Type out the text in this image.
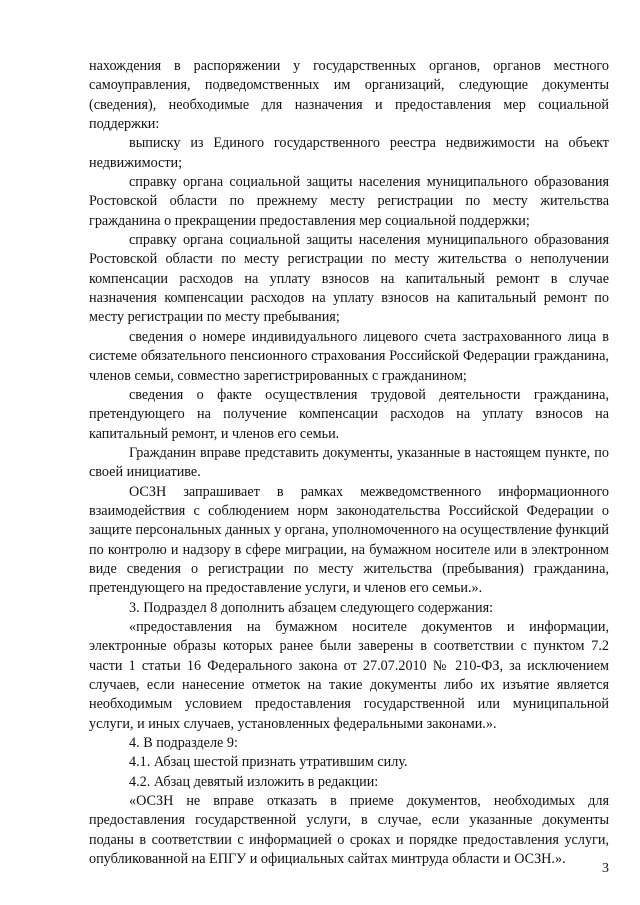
нахождения в распоряжении у государственных органов, органов местного самоуправления, подведомственных им организаций, следующие документы (сведения), необходимые для назначения и предоставления мер социальной поддержки:

выписку из Единого государственного реестра недвижимости на объект недвижимости;

справку органа социальной защиты населения муниципального образования Ростовской области по прежнему месту регистрации по месту жительства гражданина о прекращении предоставления мер социальной поддержки;

справку органа социальной защиты населения муниципального образования Ростовской области по месту регистрации по месту жительства о неполучении компенсации расходов на уплату взносов на капитальный ремонт в случае назначения компенсации расходов на уплату взносов на капитальный ремонт по месту регистрации по месту пребывания;

сведения о номере индивидуального лицевого счета застрахованного лица в системе обязательного пенсионного страхования Российской Федерации гражданина, членов семьи, совместно зарегистрированных с гражданином;

сведения о факте осуществления трудовой деятельности гражданина, претендующего на получение компенсации расходов на уплату взносов на капитальный ремонт, и членов его семьи.

Гражданин вправе представить документы, указанные в настоящем пункте, по своей инициативе.

ОСЗН запрашивает в рамках межведомственного информационного взаимодействия с соблюдением норм законодательства Российской Федерации о защите персональных данных у органа, уполномоченного на осуществление функций по контролю и надзору в сфере миграции, на бумажном носителе или в электронном виде сведения о регистрации по месту жительства (пребывания) гражданина, претендующего на предоставление услуги, и членов его семьи.».

3. Подраздел 8 дополнить абзацем следующего содержания:

«предоставления на бумажном носителе документов и информации, электронные образы которых ранее были заверены в соответствии с пунктом 7.2 части 1 статьи 16 Федерального закона от 27.07.2010 № 210-ФЗ, за исключением случаев, если нанесение отметок на такие документы либо их изъятие является необходимым условием предоставления государственной или муниципальной услуги, и иных случаев, установленных федеральными законами.».

4. В подразделе 9:

4.1. Абзац шестой признать утратившим силу.

4.2. Абзац девятый изложить в редакции:

«ОСЗН не вправе отказать в приеме документов, необходимых для предоставления государственной услуги, в случае, если указанные документы поданы в соответствии с информацией о сроках и порядке предоставления услуги, опубликованной на ЕПГУ и официальных сайтах минтруда области и ОСЗН.».

3
